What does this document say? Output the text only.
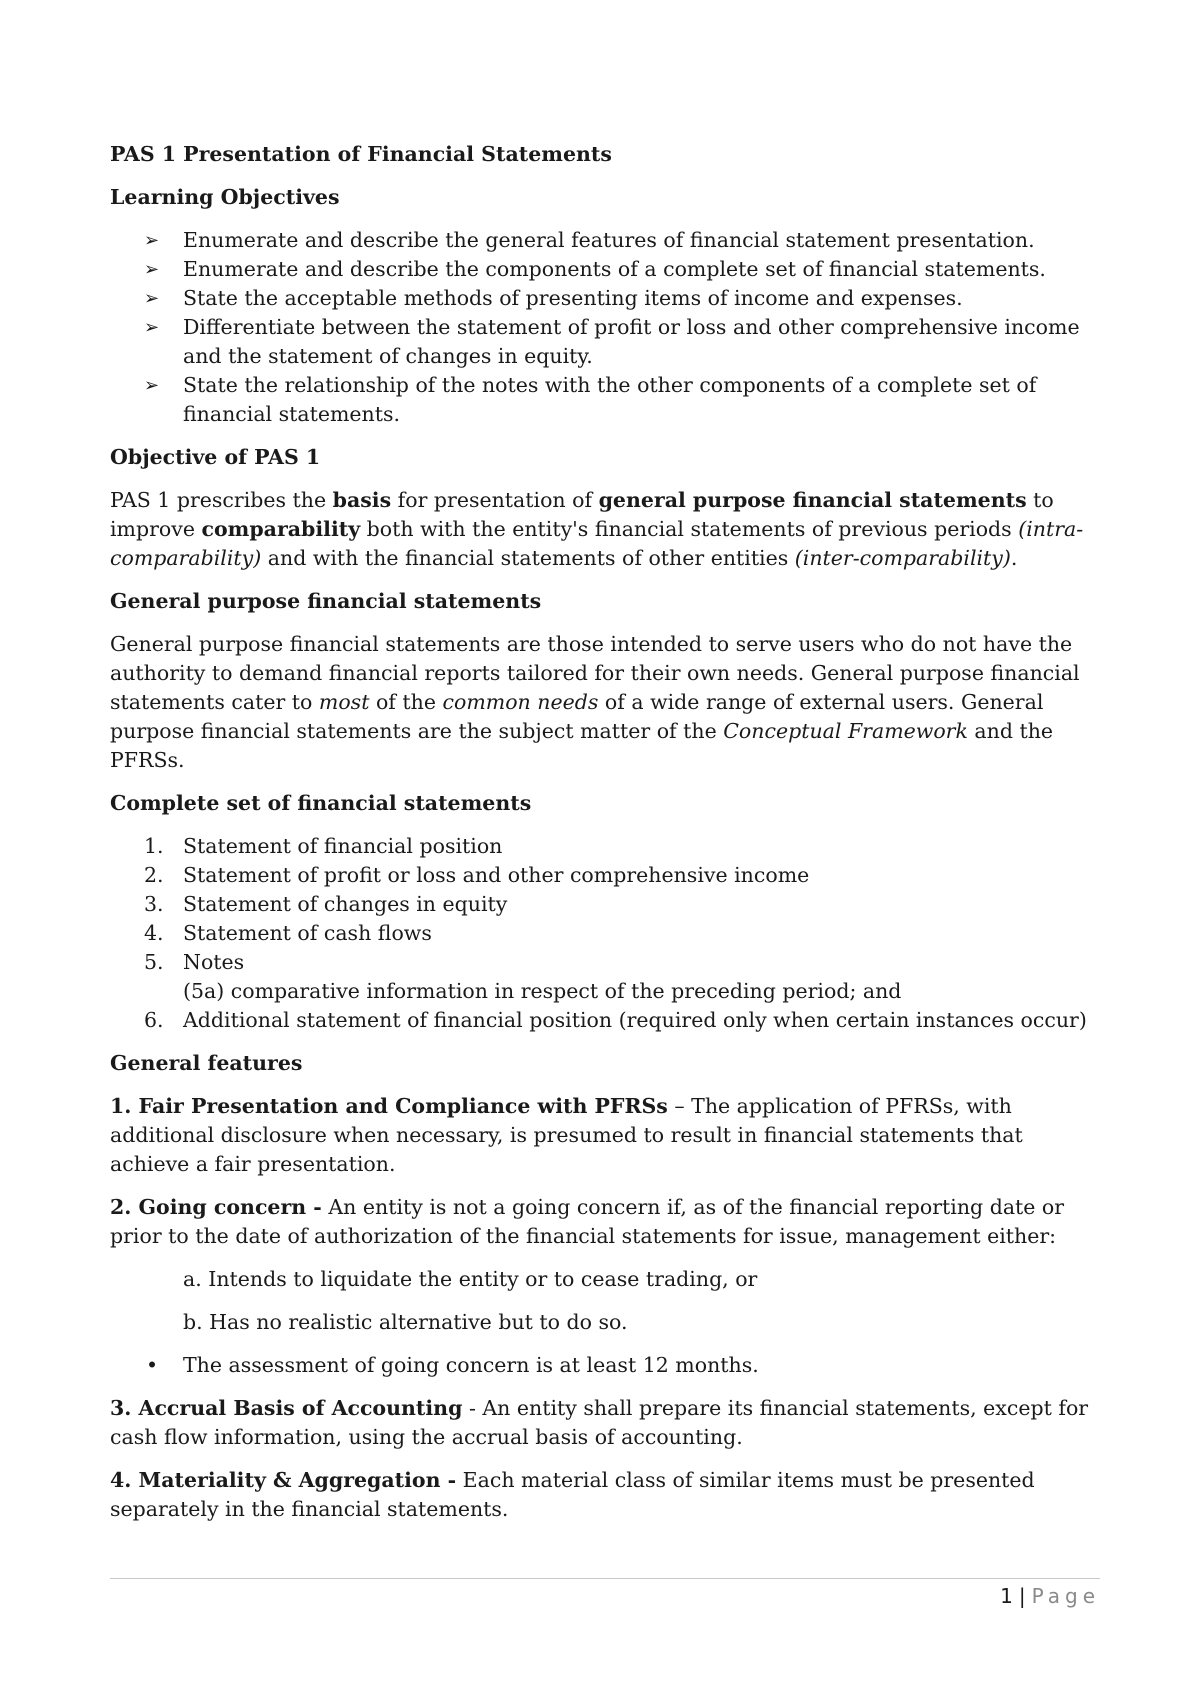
PAS 1 Presentation of Financial Statements
Learning Objectives
➢ Enumerate and describe the general features of financial statement presentation.
➢ Enumerate and describe the components of a complete set of financial statements.
➢ State the acceptable methods of presenting items of income and expenses.
➢ Differentiate between the statement of profit or loss and other comprehensive income and the statement of changes in equity.
➢ State the relationship of the notes with the other components of a complete set of financial statements.
Objective of PAS 1

PAS 1 prescribes the basis for presentation of general purpose financial statements to improve comparability both with the entity's financial statements of previous periods (intra-comparability) and with the financial statements of other entities (inter-comparability).

General purpose financial statements

General purpose financial statements are those intended to serve users who do not have the authority to demand financial reports tailored for their own needs. General purpose financial statements cater to most of the common needs of a wide range of external users. General purpose financial statements are the subject matter of the Conceptual Framework and the PFRSs.

Complete set of financial statements
1. Statement of financial position
2. Statement of profit or loss and other comprehensive income
3. Statement of changes in equity
4. Statement of cash flows
5. Notes
(5a) comparative information in respect of the preceding period; and
6. Additional statement of financial position (required only when certain instances occur)
General features

1. Fair Presentation and Compliance with PFRSs – The application of PFRSs, with additional disclosure when necessary, is presumed to result in financial statements that achieve a fair presentation.

2. Going concern - An entity is not a going concern if, as of the financial reporting date or prior to the date of authorization of the financial statements for issue, management either:

a. Intends to liquidate the entity or to cease trading, or

b. Has no realistic alternative but to do so.

• The assessment of going concern is at least 12 months.

3. Accrual Basis of Accounting - An entity shall prepare its financial statements, except for cash flow information, using the accrual basis of accounting.

4. Materiality & Aggregation - Each material class of similar items must be presented separately in the financial statements.

1 | Page
